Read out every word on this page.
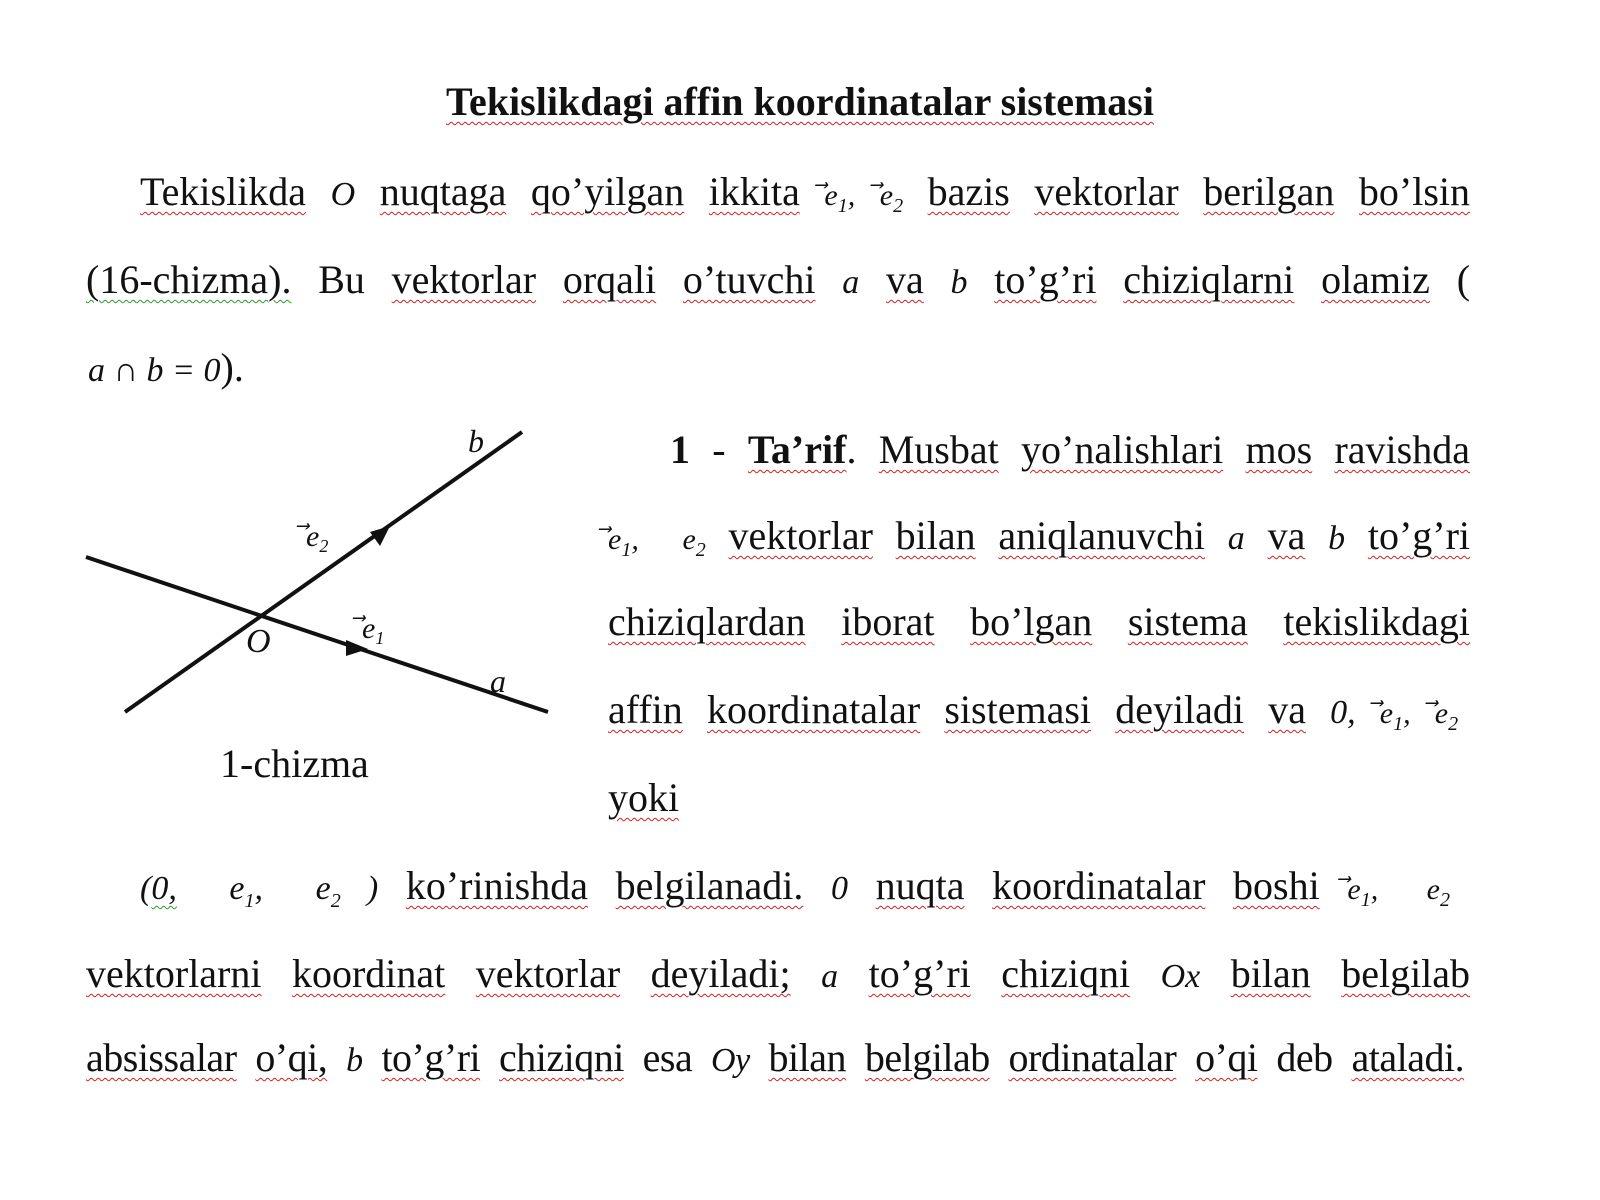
Tekislikdagi affin koordinatalar sistemasi
Tekislikda O nuqtaga qo’yilgan ikkita $e_1$, $e_2$ bazis vektorlar berilgan bo’lsin
(16-chizma). Bu vektorlar orqali o’tuvchi a va b to’g’ri chiziqlarni olamiz (
a ∩ b = 0).
b
a
O
$e_2$
$e_1$
1-chizma
1 - Ta’rif. Musbat yo’nalishlari mos ravishda
$e_1$, $⃗e_2$ vektorlar bilan aniqlanuvchi a va b to’g’ri
chiziqlardan iborat bo’lgan sistema tekislikdagi
affin koordinatalar sistemasi deyiladi va 0, $e_1$, $e_2$
yoki
(0, $⃗e_1$, $⃗e_2$ ) ko’rinishda belgilanadi. 0 nuqta koordinatalar boshi $⃗e_1$, $⃗e_2$
vektorlarni koordinat vektorlar deyiladi; a to’g’ri chiziqni Ox bilan belgilab
absissalar o’qi, b to’g’ri chiziqni esa Oy bilan belgilab ordinatalar o’qi deb ataladi.
